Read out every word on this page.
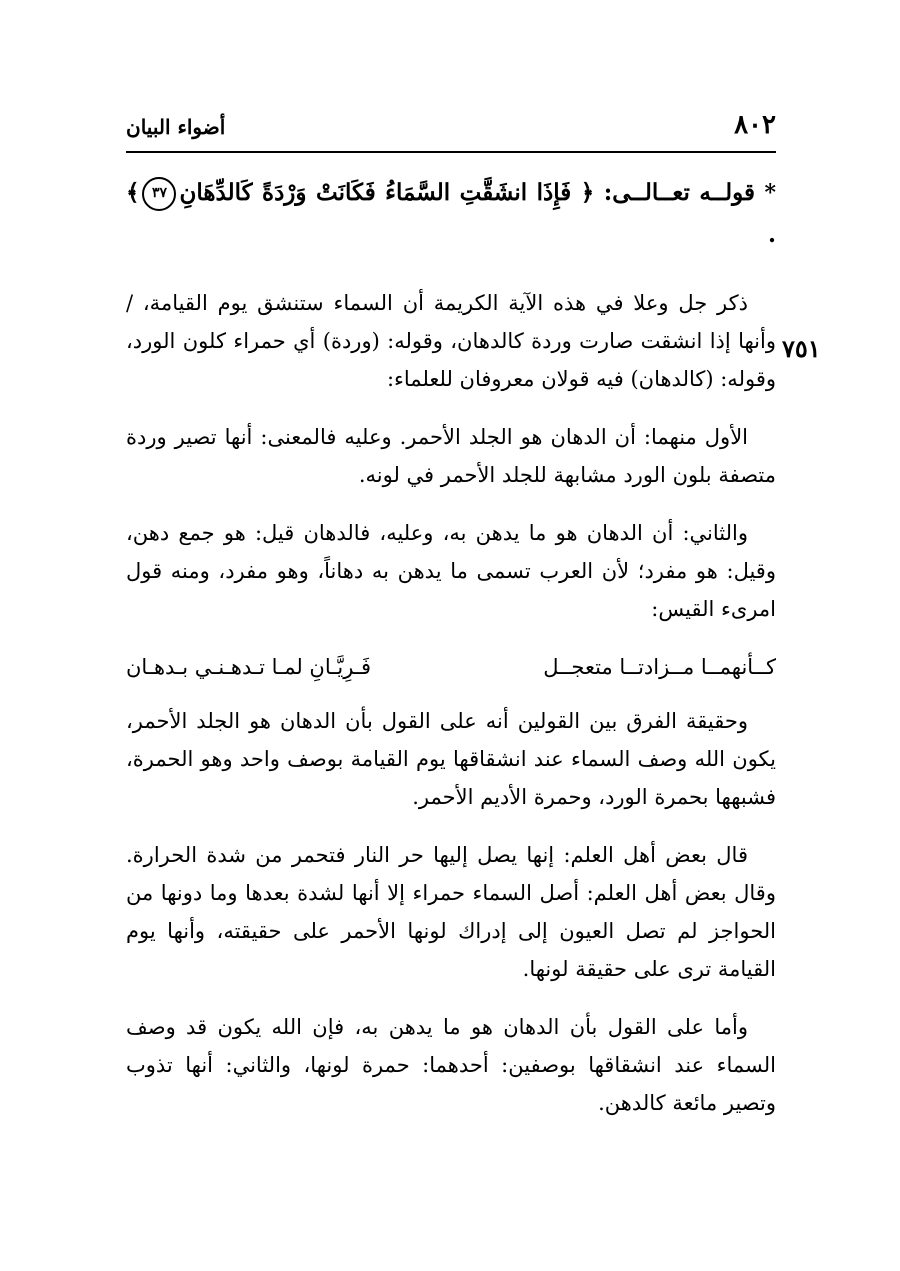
٨٠٢
أضواء البيان
٧٥١

* قولــه تعــالــى: ﴿ فَإِذَا انشَقَّتِ السَّمَاءُ فَكَانَتْ وَرْدَةً كَالدِّهَانِ٣٧﴾ .

ذكر جل وعلا في هذه الآية الكريمة أن السماء ستنشق يوم القيامة، / وأنها إذا انشقت صارت وردة كالدهان، وقوله: (وردة) أي حمراء كلون الورد، وقوله: (كالدهان) فيه قولان معروفان للعلماء:

الأول منهما: أن الدهان هو الجلد الأحمر. وعليه فالمعنى: أنها تصير وردة متصفة بلون الورد مشابهة للجلد الأحمر في لونه.

والثاني: أن الدهان هو ما يدهن به، وعليه، فالدهان قيل: هو جمع دهن، وقيل: هو مفرد؛ لأن العرب تسمى ما يدهن به دهاناً، وهو مفرد، ومنه قول امرىء القيس:

كــأنهمــا مــزادتــا متعجــل
فَـرِيَّـانِ لمـا تـدهـنـي بـدهـان

وحقيقة الفرق بين القولين أنه على القول بأن الدهان هو الجلد الأحمر، يكون الله وصف السماء عند انشقاقها يوم القيامة بوصف واحد وهو الحمرة، فشبهها بحمرة الورد، وحمرة الأديم الأحمر.

قال بعض أهل العلم: إنها يصل إليها حر النار فتحمر من شدة الحرارة. وقال بعض أهل العلم: أصل السماء حمراء إلا أنها لشدة بعدها وما دونها من الحواجز لم تصل العيون إلى إدراك لونها الأحمر على حقيقته، وأنها يوم القيامة ترى على حقيقة لونها.

وأما على القول بأن الدهان هو ما يدهن به، فإن الله يكون قد وصف السماء عند انشقاقها بوصفين: أحدهما: حمرة لونها، والثاني: أنها تذوب وتصير مائعة كالدهن.
